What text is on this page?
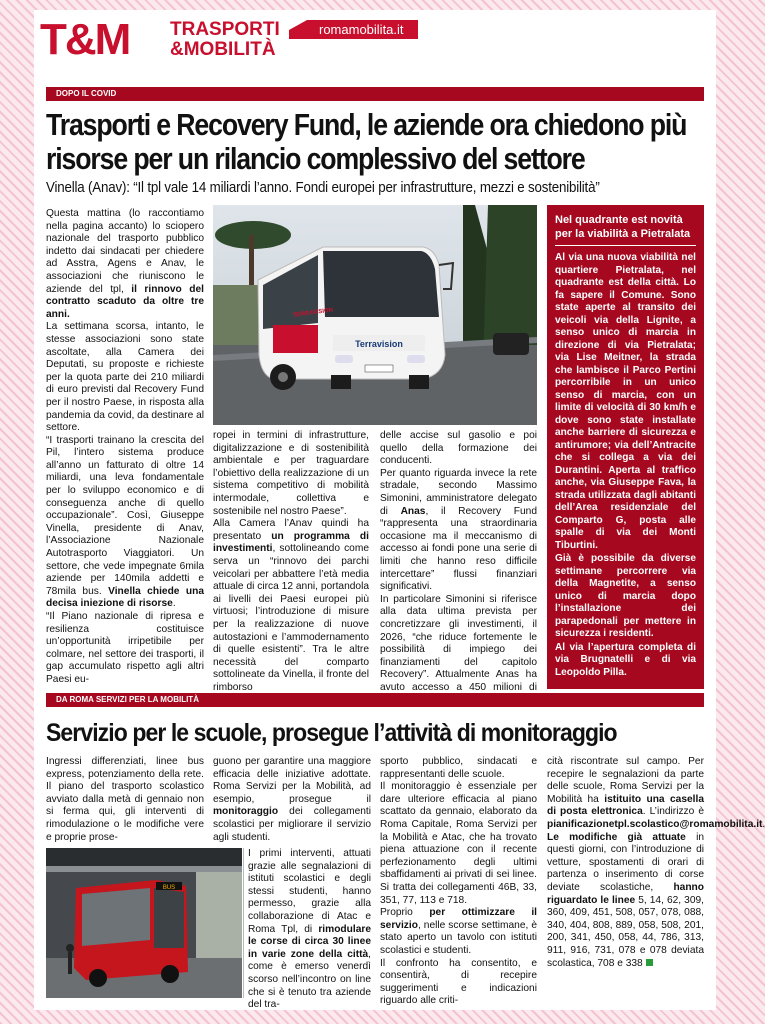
T&M TRASPORTI
&MOBILITÀ
romamobilita.it
DOPO IL COVID
Trasporti e Recovery Fund, le aziende ora chiedono più risorse per un rilancio complessivo del settore
Vinella (Anav): “Il tpl vale 14 miliardi l’anno. Fondi europei per infrastrutture, mezzi e sostenibilità”

Questa mattina (lo raccontiamo nella pagina accanto) lo sciopero nazionale del trasporto pubblico indetto dai sindacati per chiedere ad Asstra, Agens e Anav, le associazioni che riuniscono le aziende del tpl, il rinnovo del contratto scaduto da oltre tre anni.

La settimana scorsa, intanto, le stesse associazioni sono state ascoltate, alla Camera dei Deputati, su proposte e richieste per la quota parte dei 210 miliardi di euro previsti dal Recovery Fund per il nostro Paese, in risposta alla pandemia da covid, da destinare al settore.

“I trasporti trainano la crescita del Pil, l’intero sistema produce all’anno un fatturato di oltre 14 miliardi, una leva fondamentale per lo sviluppo economico e di conseguenza anche di quello occupazionale”. Così, Giuseppe Vinella, presidente di Anav, l’Associazione Nazionale Autotrasporto Viaggiatori. Un settore, che vede impegnate 6mila aziende per 140mila addetti e 78mila bus. Vinella chiede una decisa iniezione di risorse.

“Il Piano nazionale di ripresa e resilienza costituisce un’opportunità irripetibile per colmare, nel settore dei trasporti, il gap accumulato rispetto agli altri Paesi eu-

Terravision
TERRAVISION

ropei in termini di infrastrutture, digitalizzazione e di sostenibilità ambientale e per traguardare l’obiettivo della realizzazione di un sistema competitivo di mobilità intermodale, collettiva e sostenibile nel nostro Paese”.

Alla Camera l’Anav quindi ha presentato un programma di investimenti, sottolineando come serva un “rinnovo dei parchi veicolari per abbattere l’età media attuale di circa 12 anni, portandola ai livelli dei Paesi europei più virtuosi; l’introduzione di misure per la realizzazione di nuove autostazioni e l’ammodernamento di quelle esistenti”. Tra le altre necessità del comparto sottolineate da Vinella, il fronte del rimborso

delle accise sul gasolio e poi quello della formazione dei conducenti.

Per quanto riguarda invece la rete stradale, secondo Massimo Simonini, amministratore delegato di Anas, il Recovery Fund “rappresenta una straordinaria occasione ma il meccanismo di accesso ai fondi pone una serie di limiti che hanno reso difficile intercettare” flussi finanziari significativi.

In particolare Simonini si riferisce alla data ultima prevista per concretizzare gli investimenti, il 2026, “che riduce fortemente le possibilità di impiego dei finanziamenti del capitolo Recovery”. Attualmente Anas ha avuto accesso a 450 milioni di

Nel quadrante est novità per la viabilità a Pietralata

Al via una nuova viabilità nel quartiere Pietralata, nel quadrante est della città. Lo fa sapere il Comune. Sono state aperte al transito dei veicoli via della Lignite, a senso unico di marcia in direzione di via Pietralata; via Lise Meitner, la strada che lambisce il Parco Pertini percorribile in un unico senso di marcia, con un limite di velocità di 30 km/h e dove sono state installate anche barriere di sicurezza e antirumore; via dell’Antracite che si collega a via dei Durantini. Aperta al traffico anche, via Giuseppe Fava, la strada utilizzata dagli abitanti dell’Area residenziale del Comparto G, posta alle spalle di via dei Monti Tiburtini.

Già è possibile da diverse settimane percorrere via della Magnetite, a senso unico di marcia dopo l’installazione dei parapedonali per mettere in sicurezza i residenti.

Al via l’apertura completa di via Brugnatelli e di via Leopoldo Pilla.

DA ROMA SERVIZI PER LA MOBILITÀ
Servizio per le scuole, prosegue l’attività di monitoraggio

Ingressi differenziati, linee bus express, potenziamento della rete. Il piano del trasporto scolastico avviato dalla metà di gennaio non si ferma qui, gli interventi di rimodulazione o le modifiche vere e proprie prose-

guono per garantire una maggiore efficacia delle iniziative adottate. Roma Servizi per la Mobilità, ad esempio, prosegue il monitoraggio dei collegamenti scolastici per migliorare il servizio agli studenti.

BUS

I primi interventi, attuati grazie alle segnalazioni di istituti scolastici e degli stessi studenti, hanno permesso, grazie alla collaborazione di Atac e Roma Tpl, di rimodulare le corse di circa 30 linee in varie zone della città, come è emerso venerdì scorso nell’incontro on line che si è tenuto tra aziende del tra-

sporto pubblico, sindacati e rappresentanti delle scuole.

Il monitoraggio è essenziale per dare ulteriore efficacia al piano scattato da gennaio, elaborato da Roma Capitale, Roma Servizi per la Mobilità e Atac, che ha trovato piena attuazione con il recente perfezionamento degli ultimi sbaffidamenti ai privati di sei linee. Si tratta dei collegamenti 46B, 33, 351, 77, 113 e 718.

Proprio per ottimizzare il servizio, nelle scorse settimane, è stato aperto un tavolo con istituti scolastici e studenti.

Il confronto ha consentito, e consentirà, di recepire suggerimenti e indicazioni riguardo alle criti-

cità riscontrate sul campo. Per recepire le segnalazioni da parte delle scuole, Roma Servizi per la Mobilità ha istituito una casella di posta elettronica. L’indirizzo è pianificazionetpl.scolastico@romamobilita.it.

Le modifiche già attuate in questi giorni, con l’introduzione di vetture, spostamenti di orari di partenza o inserimento di corse deviate scolastiche, hanno riguardato le linee 5, 14, 62, 309, 360, 409, 451, 508, 057, 078, 088, 340, 404, 808, 889, 058, 508, 201, 200, 341, 450, 058, 44, 786, 313, 911, 916, 731, 078 e 078 deviata scolastica, 708 e 338
